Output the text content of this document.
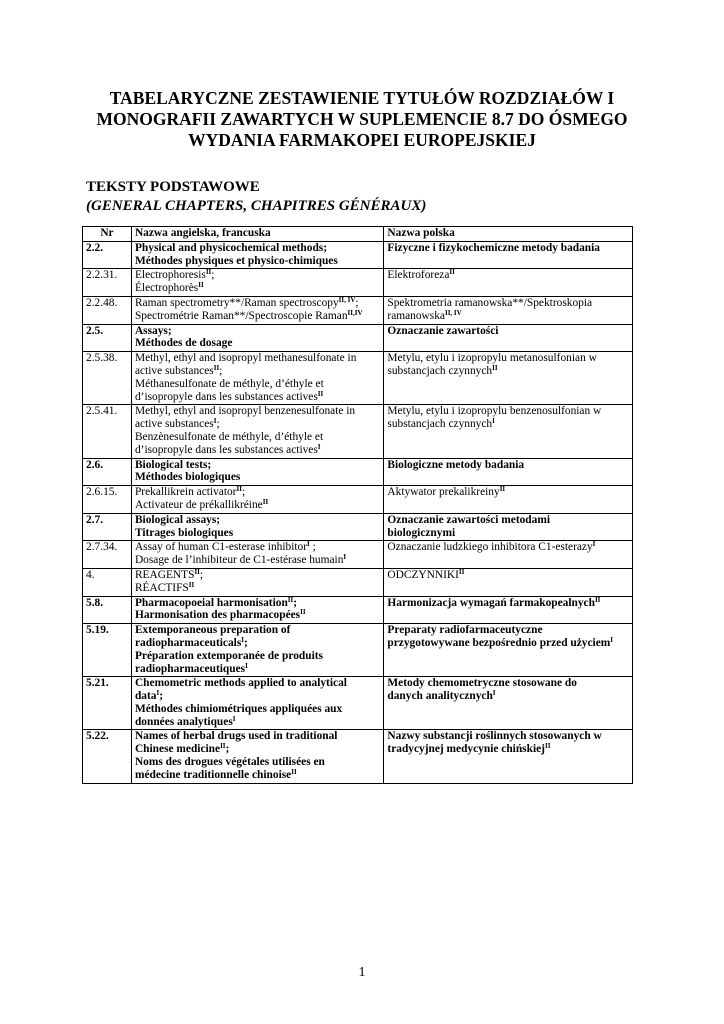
TABELARYCZNE ZESTAWIENIE TYTUŁÓW ROZDZIAŁÓW I
MONOGRAFII ZAWARTYCH W SUPLEMENCIE 8.7 DO ÓSMEGO
WYDANIA FARMAKOPEI EUROPEJSKIEJ
TEKSTY PODSTAWOWE
(GENERAL CHAPTERS, CHAPITRES GÉNÉRAUX)
Nr	Nazwa angielska, francuska	Nazwa polska
2.2.	Physical and physicochemical methods;
Méthodes physiques et physico-chimiques	Fizyczne i fizykochemiczne metody badania
2.2.31.	Electrophoresis$^{II}$;
Électrophorès$^{II}$	Elektroforeza$^{II}$
2.2.48.	Raman spectrometry**/Raman spectroscopy$^{II, IV}$;
Spectrométrie Raman**/Spectroscopie Raman$^{II,IV}$	Spektrometria ramanowska**/Spektroskopia
ramanowska$^{II, IV}$
2.5.	Assays;
Méthodes de dosage	Oznaczanie zawartości
2.5.38.	Methyl, ethyl and isopropyl methanesulfonate in
active substances$^{II}$;
Méthanesulfonate de méthyle, d’éthyle et
d’isopropyle dans les substances actives$^{II}$	Metylu, etylu i izopropylu metanosulfonian w
substancjach czynnych$^{II}$
2.5.41.	Methyl, ethyl and isopropyl benzenesulfonate in
active substances$^I$;
Benzènesulfonate de méthyle, d’éthyle et
d’isopropyle dans les substances actives$^I$	Metylu, etylu i izopropylu benzenosulfonian w
substancjach czynnych$^I$
2.6.	Biological tests;
Méthodes biologiques	Biologiczne metody badania
2.6.15.	Prekallikrein activator$^{II}$;
Activateur de prékallikréine$^{II}$	Aktywator prekalikreiny$^{II}$
2.7.	Biological assays;
Titrages biologiques	Oznaczanie zawartości metodami
biologicznymi
2.7.34.	Assay of human C1-esterase inhibitor$^I$ ;
Dosage de l’inhibiteur de C1-estérase humain$^I$	Oznaczanie ludzkiego inhibitora C1-esterazy$^I$
4.	$REAGENTS^{II}$;
$RÉACTIFS^{II}$	$ODCZYNNIKI^{II}$
5.8.	Pharmacopoeial harmonisation$^{II}$;
Harmonisation des pharmacopées$^{II}$	Harmonizacja wymagań farmakopealnych$^{II}$
5.19.	Extemporaneous preparation of
radiopharmaceuticals$^I$;
Préparation extemporanée de produits
radiopharmaceutiques$^I$	Preparaty radiofarmaceutyczne
przygotowywane bezpośrednio przed użyciem$^I$
5.21.	Chemometric methods applied to analytical
data$^I$;
Méthodes chimiométriques appliquées aux
données analytiques$^I$	Metody chemometryczne stosowane do
danych analitycznych$^I$
5.22.	Names of herbal drugs used in traditional
Chinese medicine$^{II}$;
Noms des drogues végétales utilisées en
médecine traditionnelle chinoise$^{II}$	Nazwy substancji roślinnych stosowanych w
tradycyjnej medycynie chińskiej$^{II}$
1
